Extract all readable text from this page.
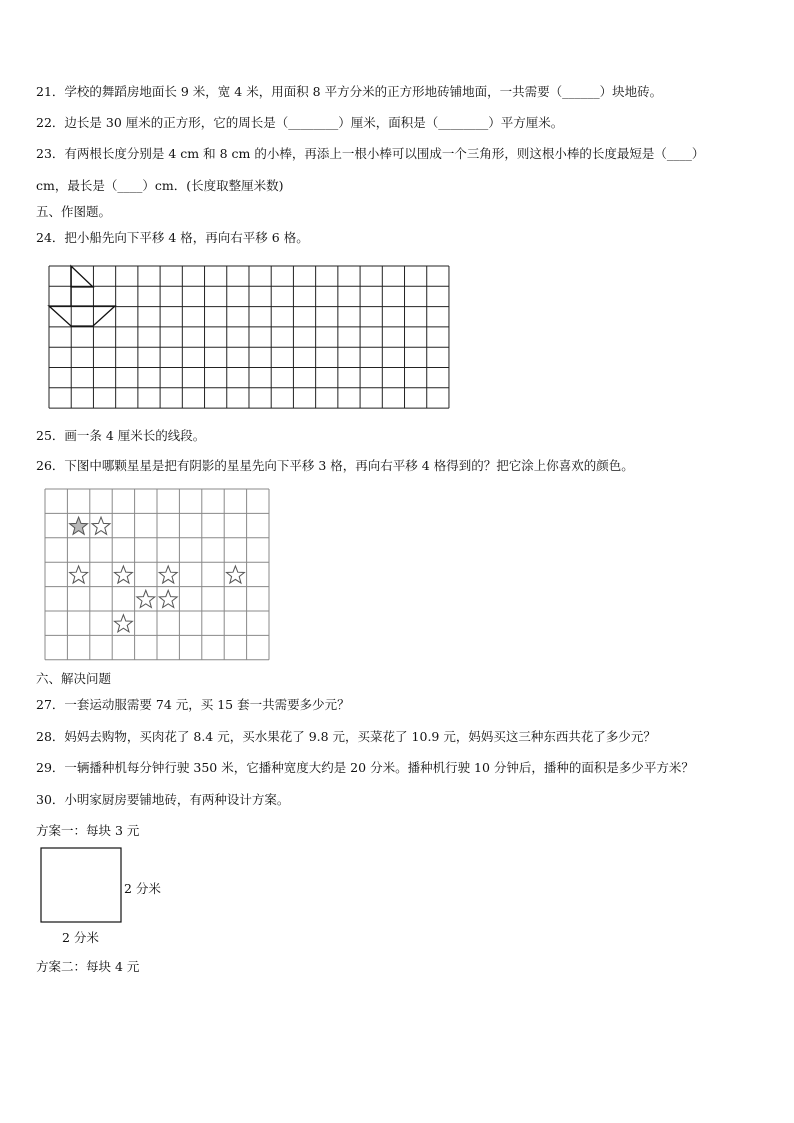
21．学校的舞蹈房地面长 9 米，宽 4 米，用面积 8 平方分米的正方形地砖铺地面，一共需要（______）块地砖。
22．边长是 30 厘米的正方形，它的周长是（________）厘米，面积是（________）平方厘米。
23．有两根长度分别是 4 cm 和 8 cm 的小棒，再添上一根小棒可以围成一个三角形，则这根小棒的长度最短是（____）
cm，最长是（____）cm．(长度取整厘米数)
五、作图题。
24．把小船先向下平移 4 格，再向右平移 6 格。
25．画一条 4 厘米长的线段。
26．下图中哪颗星星是把有阴影的星星先向下平移 3 格，再向右平移 4 格得到的？把它涂上你喜欢的颜色。
六、解决问题
27．一套运动服需要 74 元，买 15 套一共需要多少元？
28．妈妈去购物，买肉花了 8.4 元，买水果花了 9.8 元，买菜花了 10.9 元，妈妈买这三种东西共花了多少元？
29．一辆播种机每分钟行驶 350 米，它播种宽度大约是 20 分米。播种机行驶 10 分钟后，播种的面积是多少平方米？
30．小明家厨房要铺地砖，有两种设计方案。
方案一：每块 3 元
2 分米
2 分米
方案二：每块 4 元
